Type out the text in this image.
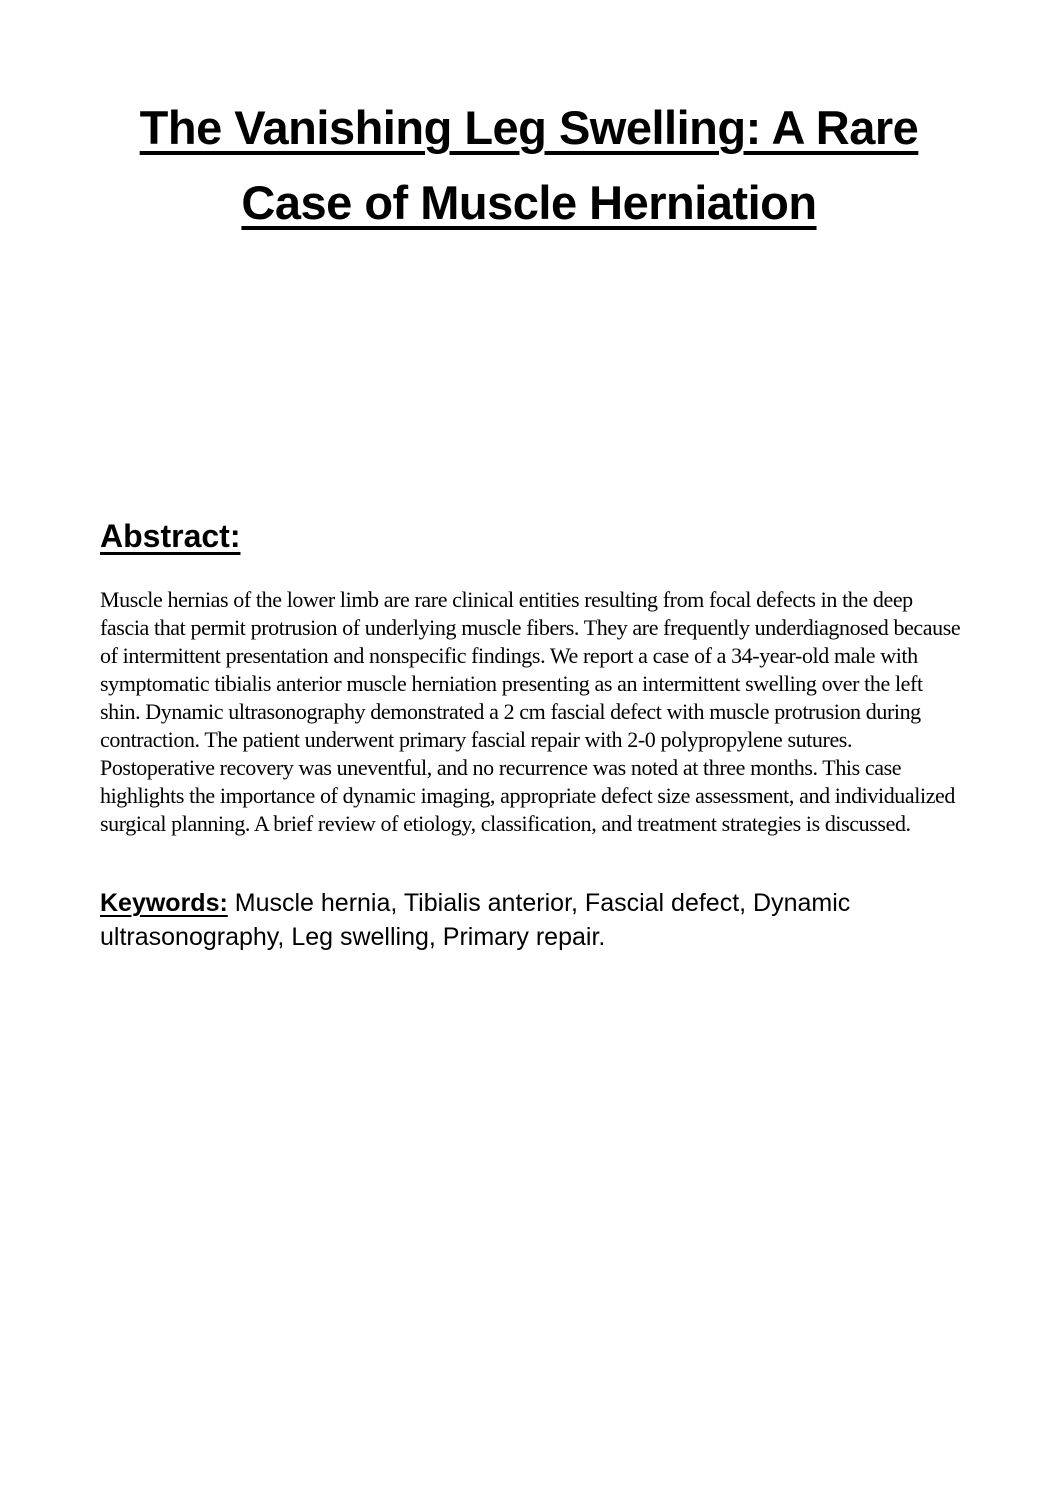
The Vanishing Leg Swelling: A Rare Case of Muscle Herniation
Abstract:

Muscle hernias of the lower limb are rare clinical entities resulting from focal defects in the deep fascia that permit protrusion of underlying muscle fibers. They are frequently underdiagnosed because of intermittent presentation and nonspecific findings. We report a case of a 34-year-old male with symptomatic tibialis anterior muscle herniation presenting as an intermittent swelling over the left shin. Dynamic ultrasonography demonstrated a 2 cm fascial defect with muscle protrusion during contraction. The patient underwent primary fascial repair with 2-0 polypropylene sutures. Postoperative recovery was uneventful, and no recurrence was noted at three months. This case highlights the importance of dynamic imaging, appropriate defect size assessment, and individualized surgical planning. A brief review of etiology, classification, and treatment strategies is discussed.

Keywords: Muscle hernia, Tibialis anterior, Fascial defect, Dynamic ultrasonography, Leg swelling, Primary repair.
